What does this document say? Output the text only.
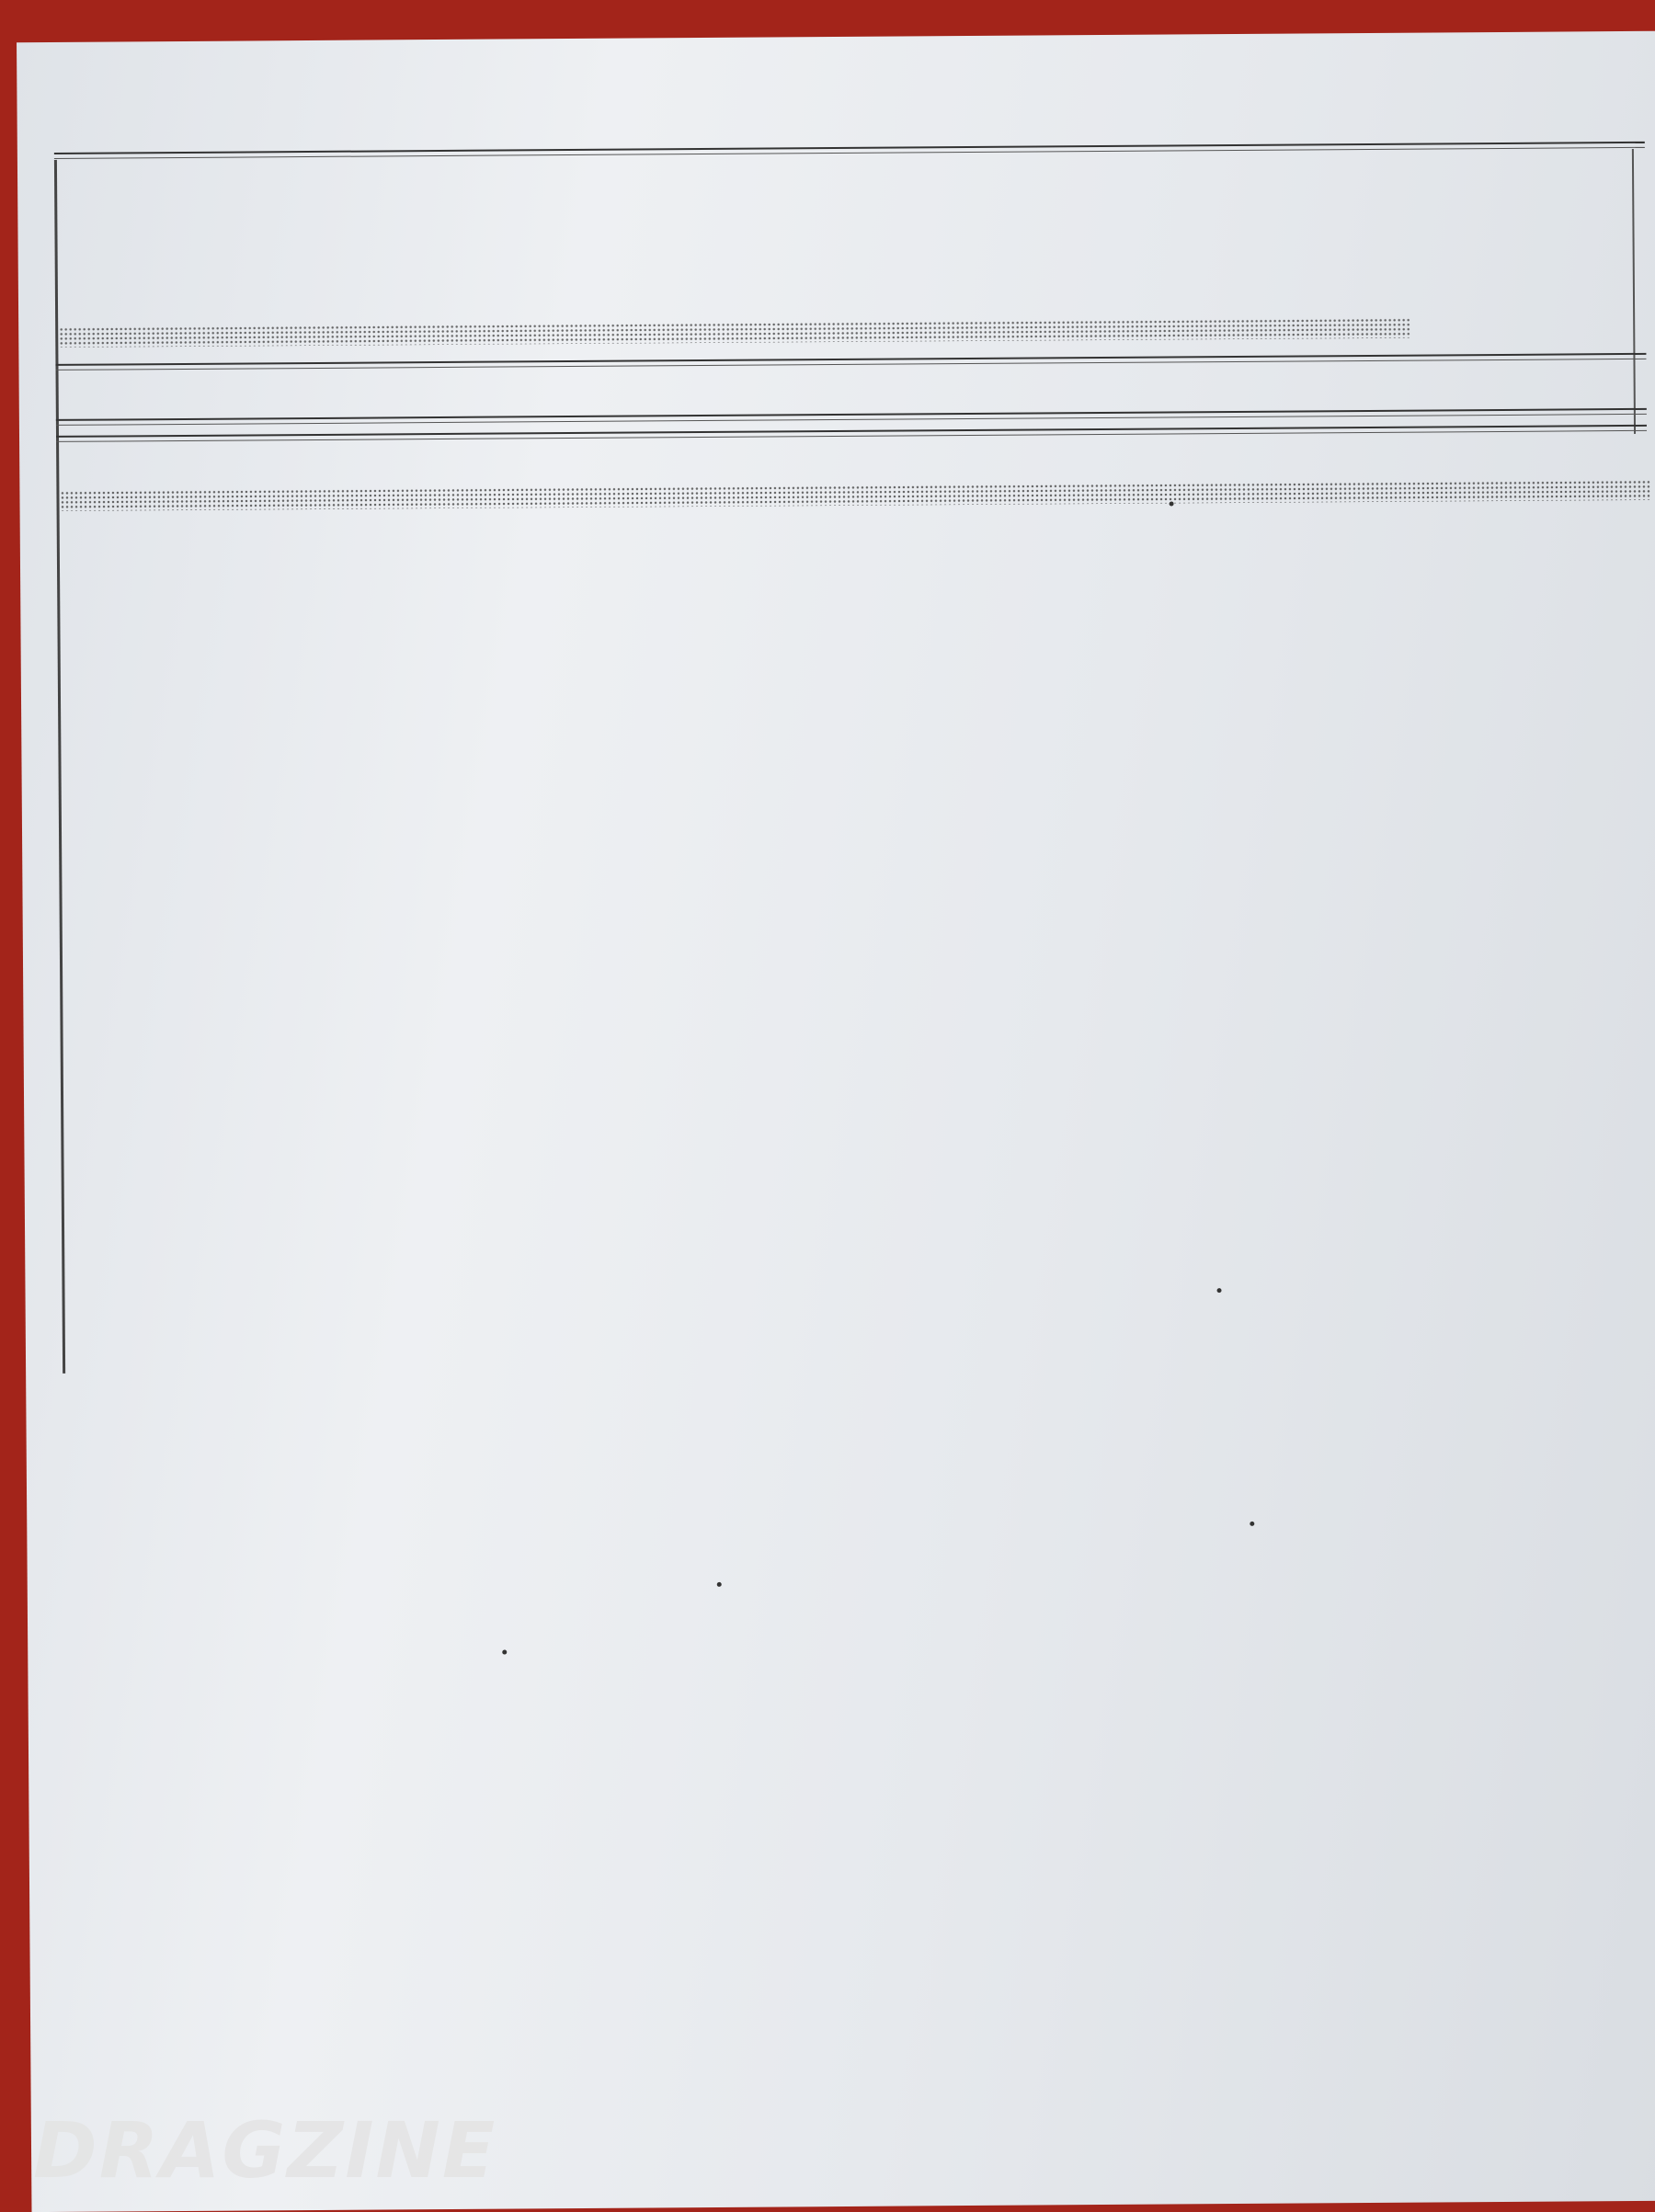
DRAGZINE
